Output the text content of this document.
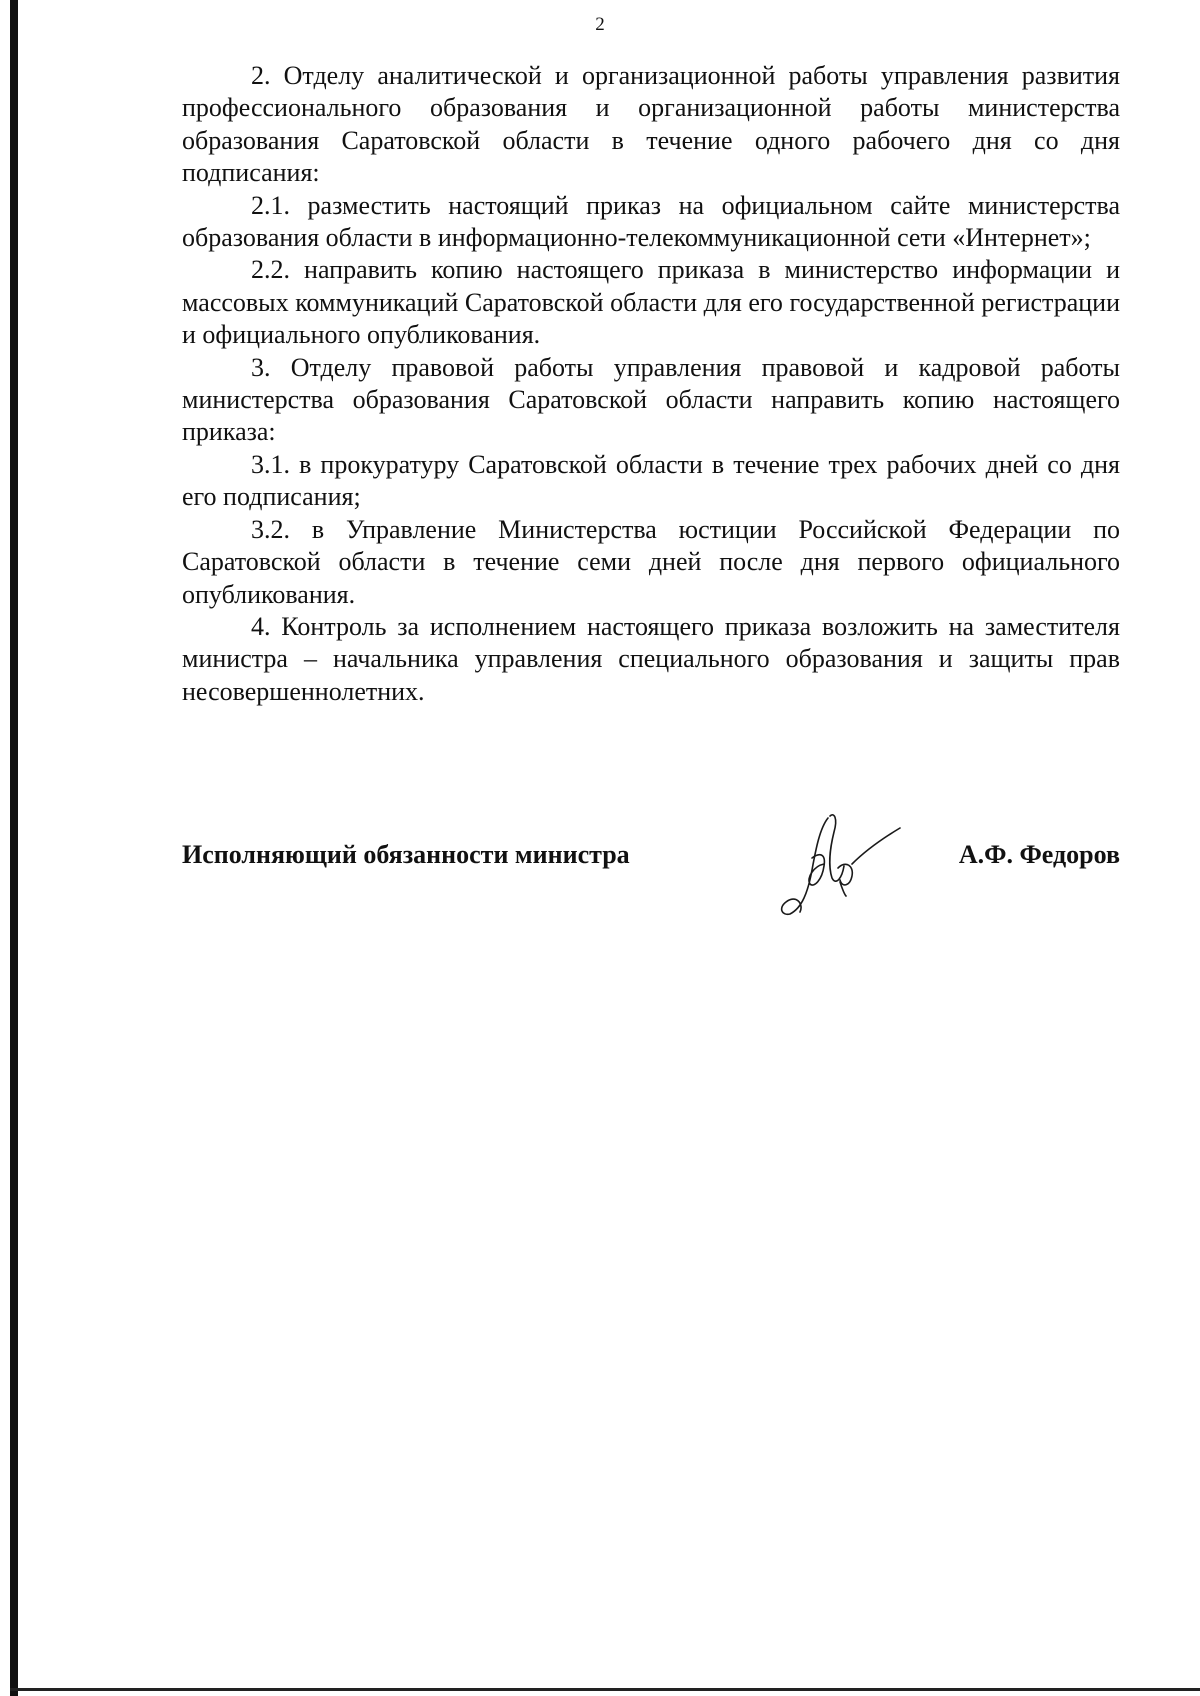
2

2. Отделу аналитической и организационной работы управления развития профессионального образования и организационной работы министерства образования Саратовской области в течение одного рабочего дня со дня подписания:

2.1. разместить настоящий приказ на официальном сайте министерства образования области в информационно-телекоммуникационной сети «Интернет»;

2.2. направить копию настоящего приказа в министерство информации и массовых коммуникаций Саратовской области для его государственной регистрации и официального опубликования.

3. Отделу правовой работы управления правовой и кадровой работы министерства образования Саратовской области направить копию настоящего приказа:

3.1. в прокуратуру Саратовской области в течение трех рабочих дней со дня его подписания;

3.2. в Управление Министерства юстиции Российской Федерации по Саратовской области в течение семи дней после дня первого официального опубликования.

4. Контроль за исполнением настоящего приказа возложить на заместителя министра – начальника управления специального образования и защиты прав несовершеннолетних.

Исполняющий обязанности министра	А.Ф. Федоров
